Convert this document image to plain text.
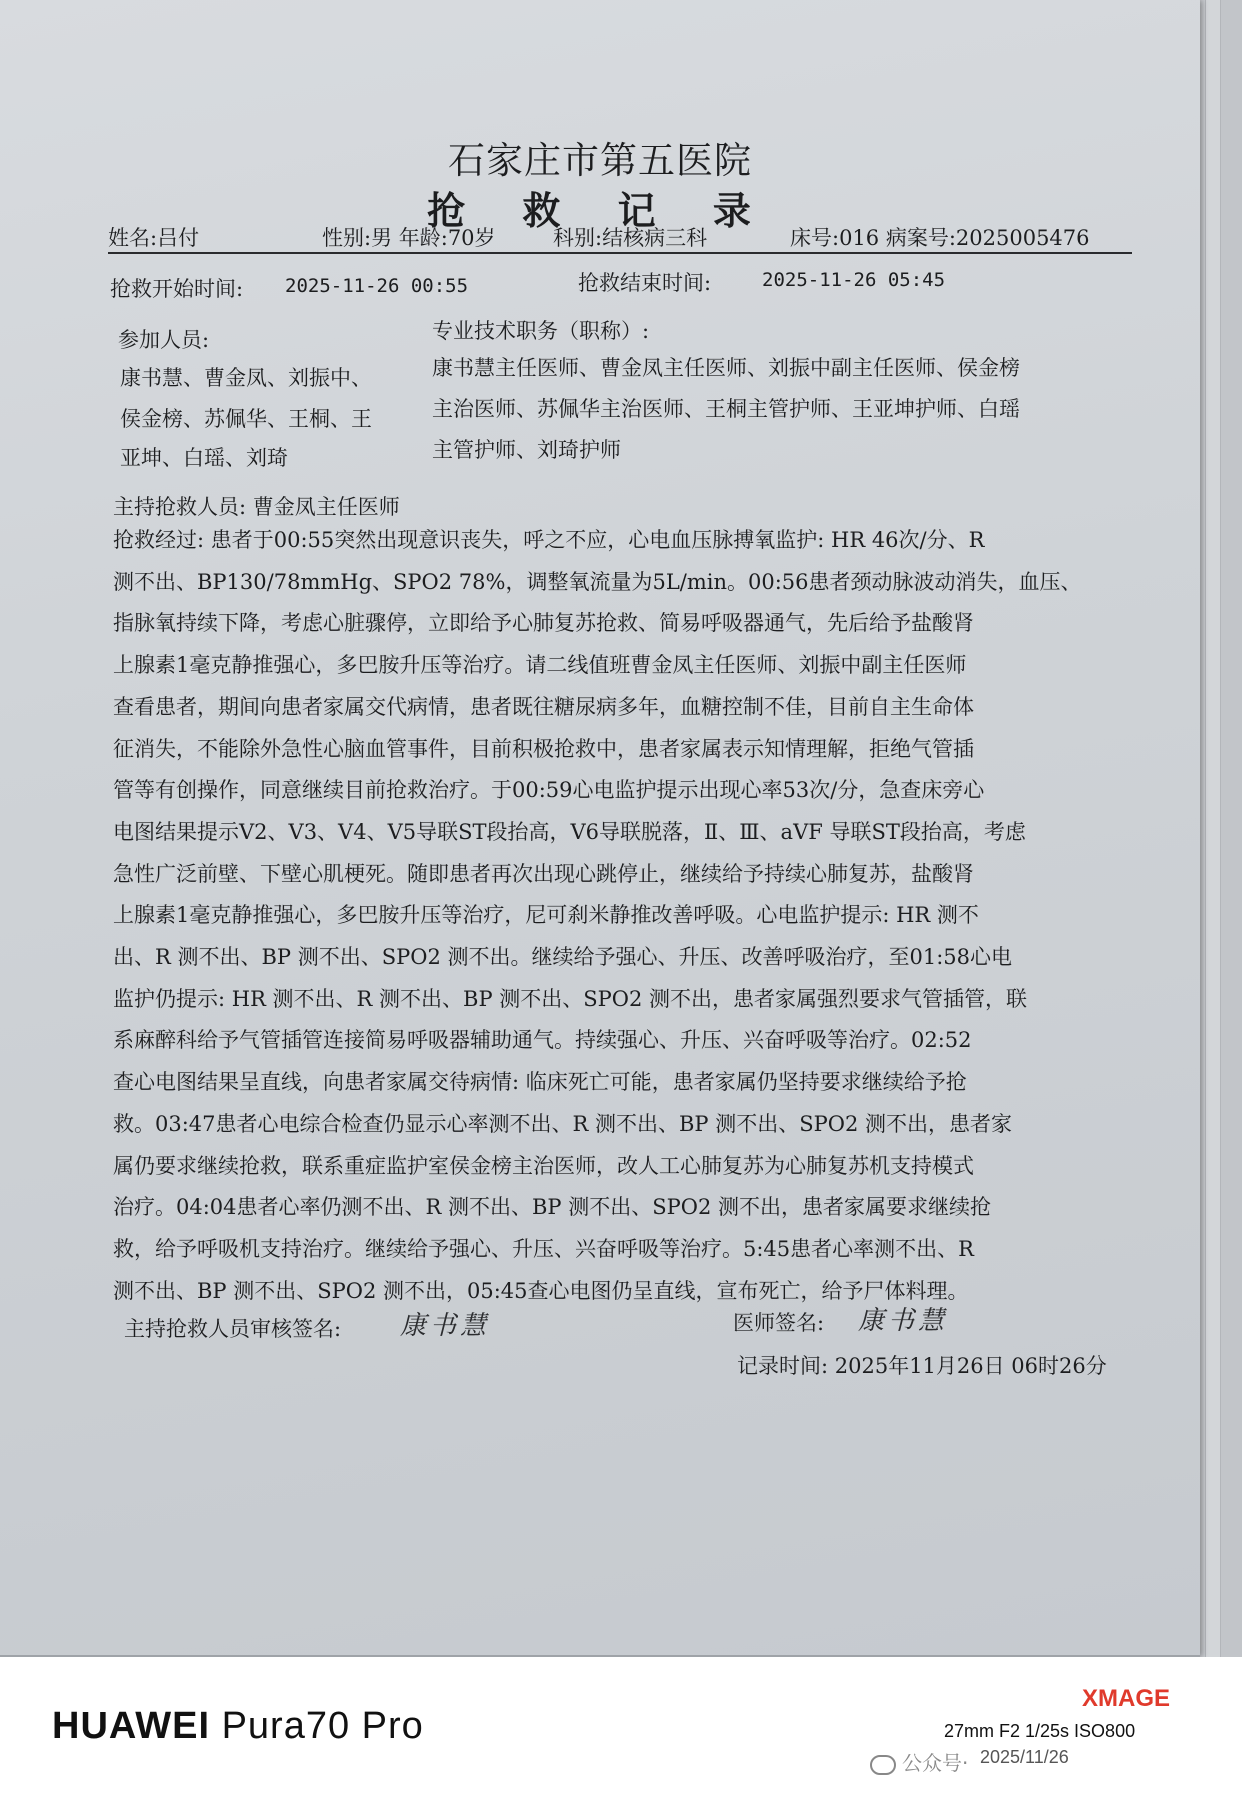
石家庄市第五医院
抢 救 记 录
姓名:吕付	性别:男 年龄:70岁	科别:结核病三科	床号:016 病案号:2025005476
抢救开始时间: 2025-11-26 00:55	抢救结束时间:	2025-11-26 05:45
参加人员:	专业技术职务（职称）:
康书慧、曹金凤、刘振中、
侯金榜、苏佩华、王桐、王
亚坤、白瑶、刘琦
康书慧主任医师、曹金凤主任医师、刘振中副主任医师、侯金榜
主治医师、苏佩华主治医师、王桐主管护师、王亚坤护师、白瑶
主管护师、刘琦护师
主持抢救人员: 曹金凤主任医师

抢救经过: 患者于00:55突然出现意识丧失，呼之不应，心电血压脉搏氧监护: HR 46次/分、R

测不出、BP130/78mmHg、SPO2 78%，调整氧流量为5L/min。00:56患者颈动脉波动消失，血压、

指脉氧持续下降，考虑心脏骤停，立即给予心肺复苏抢救、简易呼吸器通气，先后给予盐酸肾

上腺素1毫克静推强心，多巴胺升压等治疗。请二线值班曹金凤主任医师、刘振中副主任医师

查看患者，期间向患者家属交代病情，患者既往糖尿病多年，血糖控制不佳，目前自主生命体

征消失，不能除外急性心脑血管事件，目前积极抢救中，患者家属表示知情理解，拒绝气管插

管等有创操作，同意继续目前抢救治疗。于00:59心电监护提示出现心率53次/分，急查床旁心

电图结果提示V2、V3、V4、V5导联ST段抬高，V6导联脱落，Ⅱ、Ⅲ、aVF 导联ST段抬高，考虑

急性广泛前壁、下壁心肌梗死。随即患者再次出现心跳停止，继续给予持续心肺复苏，盐酸肾

上腺素1毫克静推强心，多巴胺升压等治疗，尼可刹米静推改善呼吸。心电监护提示: HR 测不

出、R 测不出、BP 测不出、SPO2 测不出。继续给予强心、升压、改善呼吸治疗，至01:58心电

监护仍提示: HR 测不出、R 测不出、BP 测不出、SPO2 测不出，患者家属强烈要求气管插管，联

系麻醉科给予气管插管连接简易呼吸器辅助通气。持续强心、升压、兴奋呼吸等治疗。02:52

查心电图结果呈直线，向患者家属交待病情: 临床死亡可能，患者家属仍坚持要求继续给予抢

救。03:47患者心电综合检查仍显示心率测不出、R 测不出、BP 测不出、SPO2 测不出，患者家

属仍要求继续抢救，联系重症监护室侯金榜主治医师，改人工心肺复苏为心肺复苏机支持模式

治疗。04:04患者心率仍测不出、R 测不出、BP 测不出、SPO2 测不出，患者家属要求继续抢

救，给予呼吸机支持治疗。继续给予强心、升压、兴奋呼吸等治疗。5:45患者心率测不出、R

测不出、BP 测不出、SPO2 测不出，05:45查心电图仍呈直线，宣布死亡，给予尸体料理。

主持抢救人员审核签名: 康书慧	医师签名: 康书慧
记录时间: 2025年11月26日 06时26分
HUAWEI Pura70 Pro
XMAGE
27mm F2 1/25s ISO800
公众号· 2025/11/26
